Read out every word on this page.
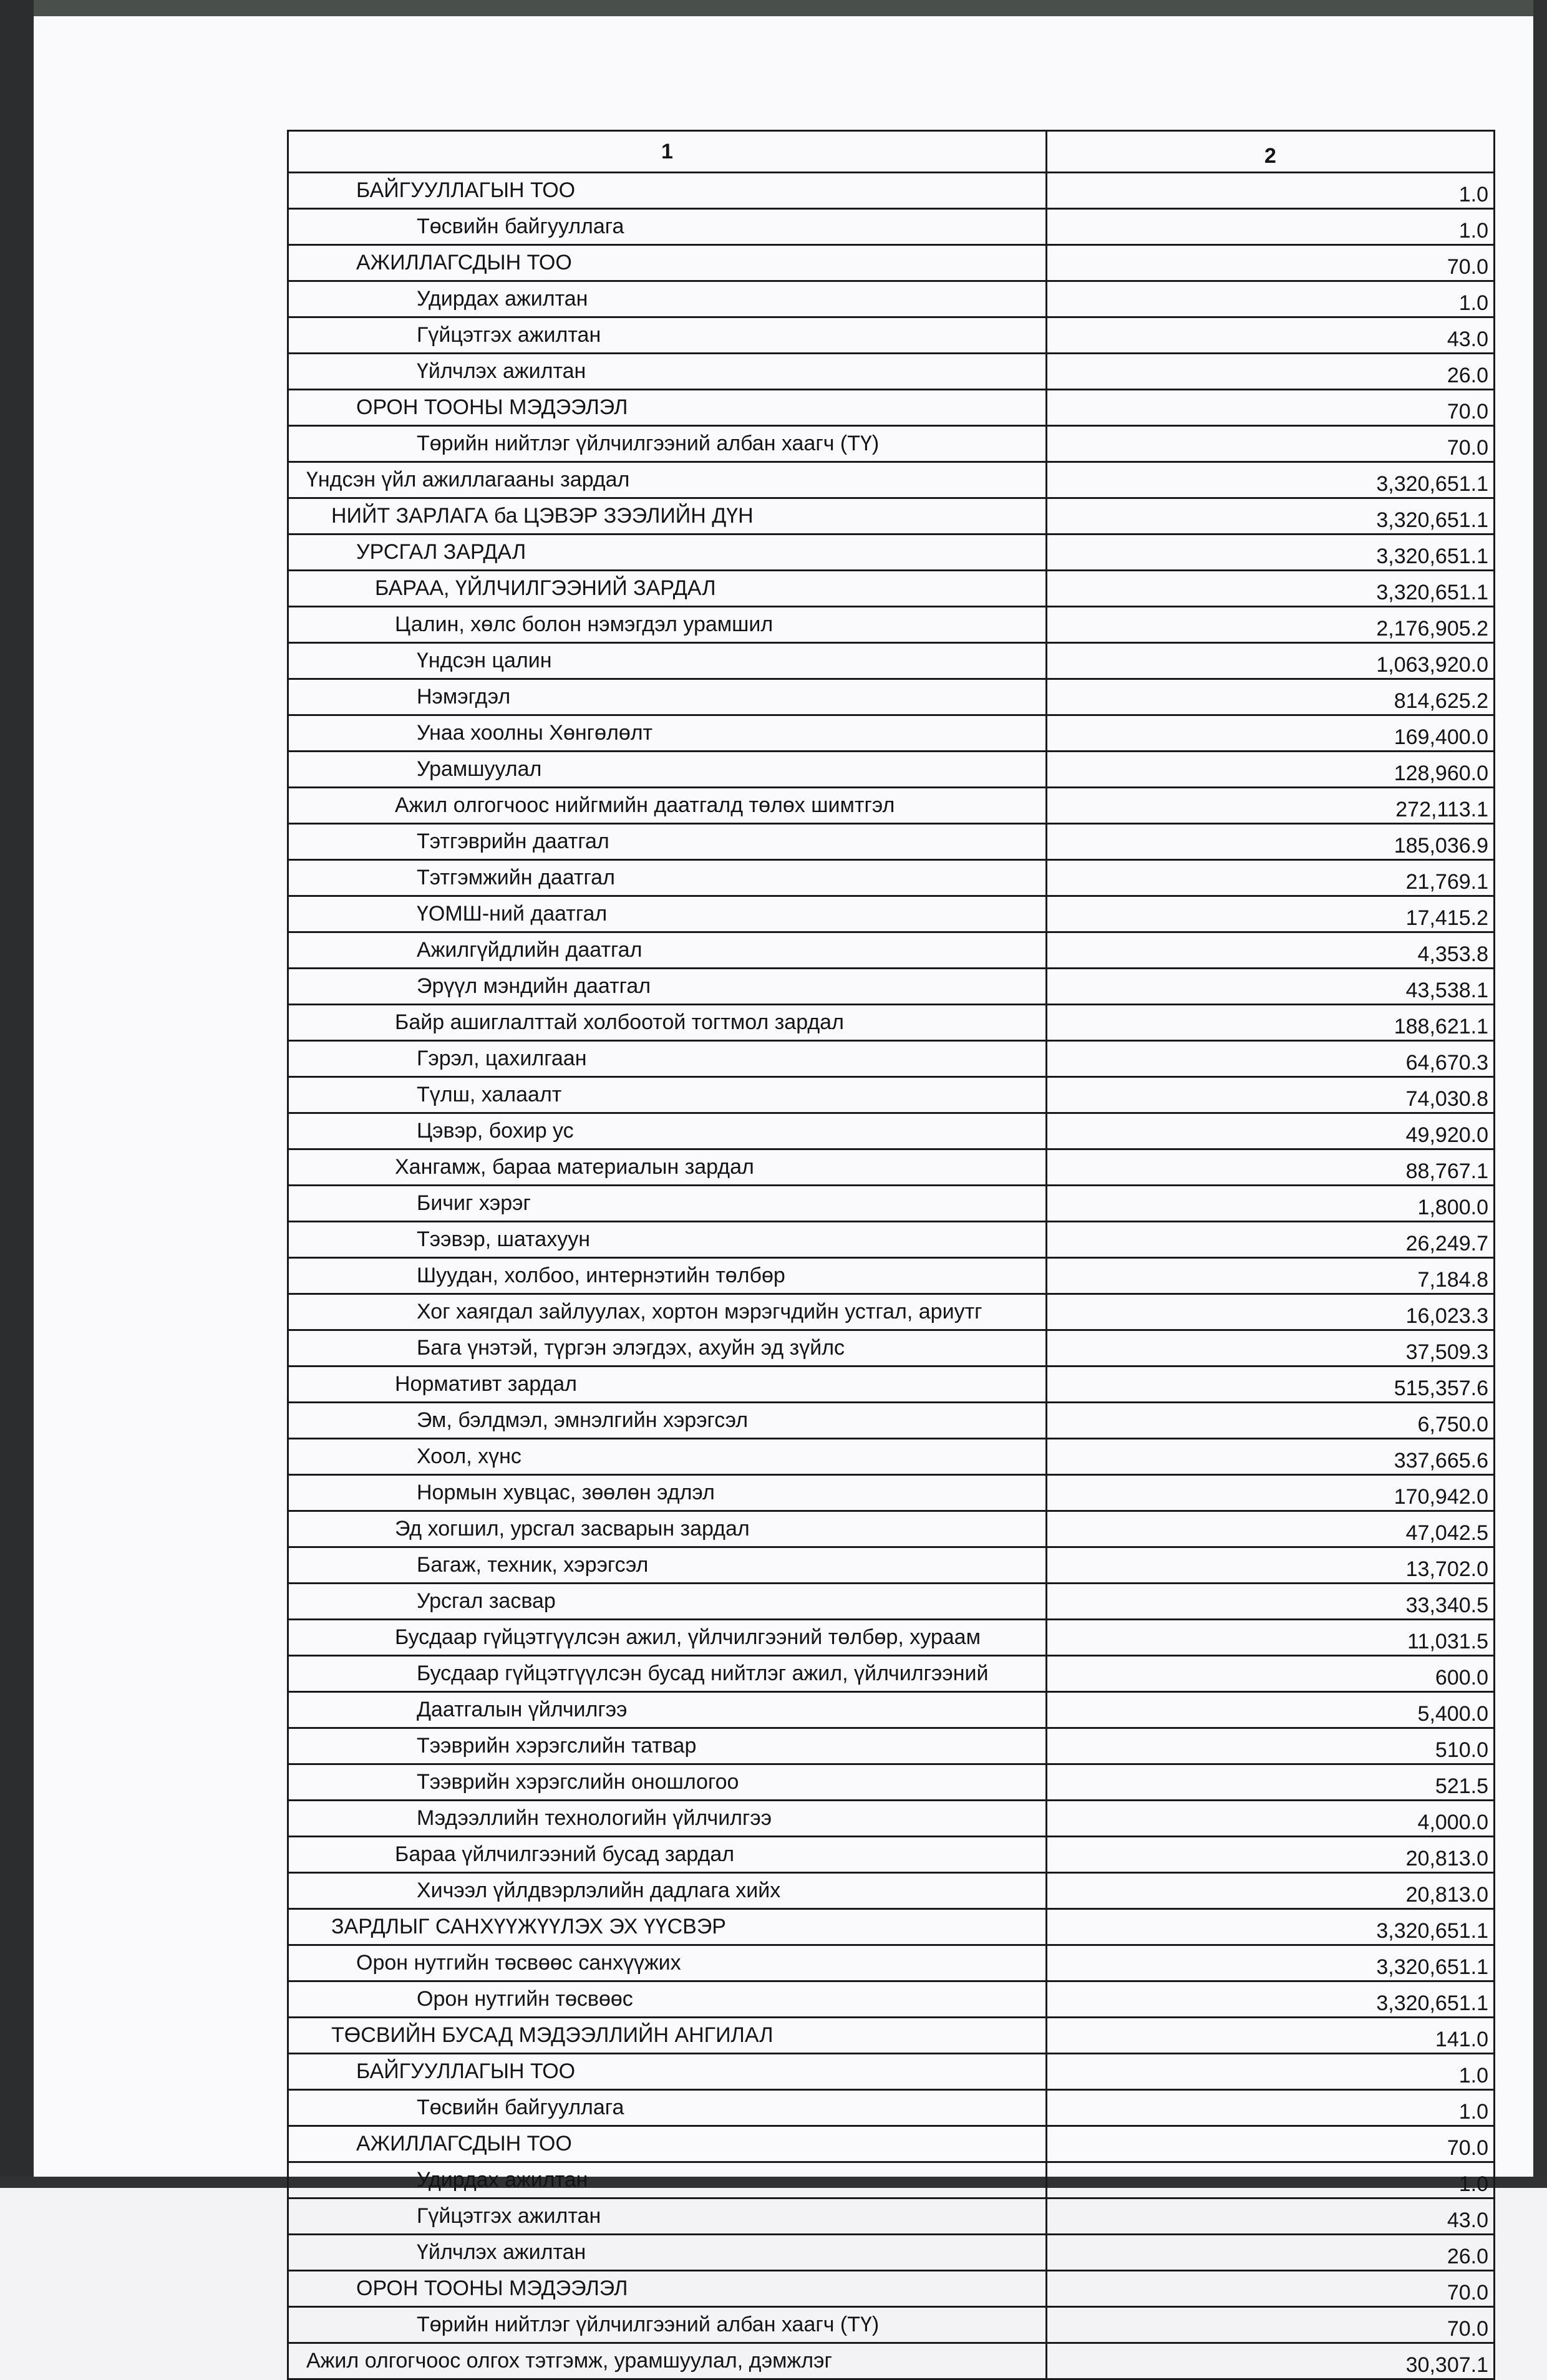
1	2
БАЙГУУЛЛАГЫН ТОО	1.0
Төсвийн байгууллага	1.0
АЖИЛЛАГСДЫН ТОО	70.0
Удирдах ажилтан	1.0
Гүйцэтгэх ажилтан	43.0
Үйлчлэх ажилтан	26.0
ОРОН ТООНЫ МЭДЭЭЛЭЛ	70.0
Төрийн нийтлэг үйлчилгээний албан хаагч (ТҮ)	70.0
Үндсэн үйл ажиллагааны зардал	3,320,651.1
НИЙТ ЗАРЛАГА ба ЦЭВЭР ЗЭЭЛИЙН ДҮН	3,320,651.1
УРСГАЛ ЗАРДАЛ	3,320,651.1
БАРАА, ҮЙЛЧИЛГЭЭНИЙ ЗАРДАЛ	3,320,651.1
Цалин, хөлс болон нэмэгдэл урамшил	2,176,905.2
Үндсэн цалин	1,063,920.0
Нэмэгдэл	814,625.2
Унаа хоолны Хөнгөлөлт	169,400.0
Урамшуулал	128,960.0
Ажил олгогчоос нийгмийн даатгалд төлөх шимтгэл	272,113.1
Тэтгэврийн даатгал	185,036.9
Тэтгэмжийн даатгал	21,769.1
ҮОМШ-ний даатгал	17,415.2
Ажилгүйдлийн даатгал	4,353.8
Эрүүл мэндийн даатгал	43,538.1
Байр ашиглалттай холбоотой тогтмол зардал	188,621.1
Гэрэл, цахилгаан	64,670.3
Түлш, халаалт	74,030.8
Цэвэр, бохир ус	49,920.0
Хангамж, бараа материалын зардал	88,767.1
Бичиг хэрэг	1,800.0
Тээвэр, шатахуун	26,249.7
Шуудан, холбоо, интернэтийн төлбөр	7,184.8
Хог хаягдал зайлуулах, хортон мэрэгчдийн устгал, ариутг	16,023.3
Бага үнэтэй, түргэн элэгдэх, ахуйн эд зүйлс	37,509.3
Нормативт зардал	515,357.6
Эм, бэлдмэл, эмнэлгийн хэрэгсэл	6,750.0
Хоол, хүнс	337,665.6
Нормын хувцас, зөөлөн эдлэл	170,942.0
Эд хогшил, урсгал засварын зардал	47,042.5
Багаж, техник, хэрэгсэл	13,702.0
Урсгал засвар	33,340.5
Бусдаар гүйцэтгүүлсэн ажил, үйлчилгээний төлбөр, хураам	11,031.5
Бусдаар гүйцэтгүүлсэн бусад нийтлэг ажил, үйлчилгээний	600.0
Даатгалын үйлчилгээ	5,400.0
Тээврийн хэрэгслийн татвар	510.0
Тээврийн хэрэгслийн оношлогоо	521.5
Мэдээллийн технологийн үйлчилгээ	4,000.0
Бараа үйлчилгээний бусад зардал	20,813.0
Хичээл үйлдвэрлэлийн дадлага хийх	20,813.0
ЗАРДЛЫГ САНХҮҮЖҮҮЛЭХ ЭХ ҮҮСВЭР	3,320,651.1
Орон нутгийн төсвөөс санхүүжих	3,320,651.1
Орон нутгийн төсвөөс	3,320,651.1
ТӨСВИЙН БУСАД МЭДЭЭЛЛИЙН АНГИЛАЛ	141.0
БАЙГУУЛЛАГЫН ТОО	1.0
Төсвийн байгууллага	1.0
АЖИЛЛАГСДЫН ТОО	70.0
Удирдах ажилтан	1.0
Гүйцэтгэх ажилтан	43.0
Үйлчлэх ажилтан	26.0
ОРОН ТООНЫ МЭДЭЭЛЭЛ	70.0
Төрийн нийтлэг үйлчилгээний албан хаагч (ТҮ)	70.0
Ажил олгогчоос олгох тэтгэмж, урамшуулал, дэмжлэг	30,307.1
